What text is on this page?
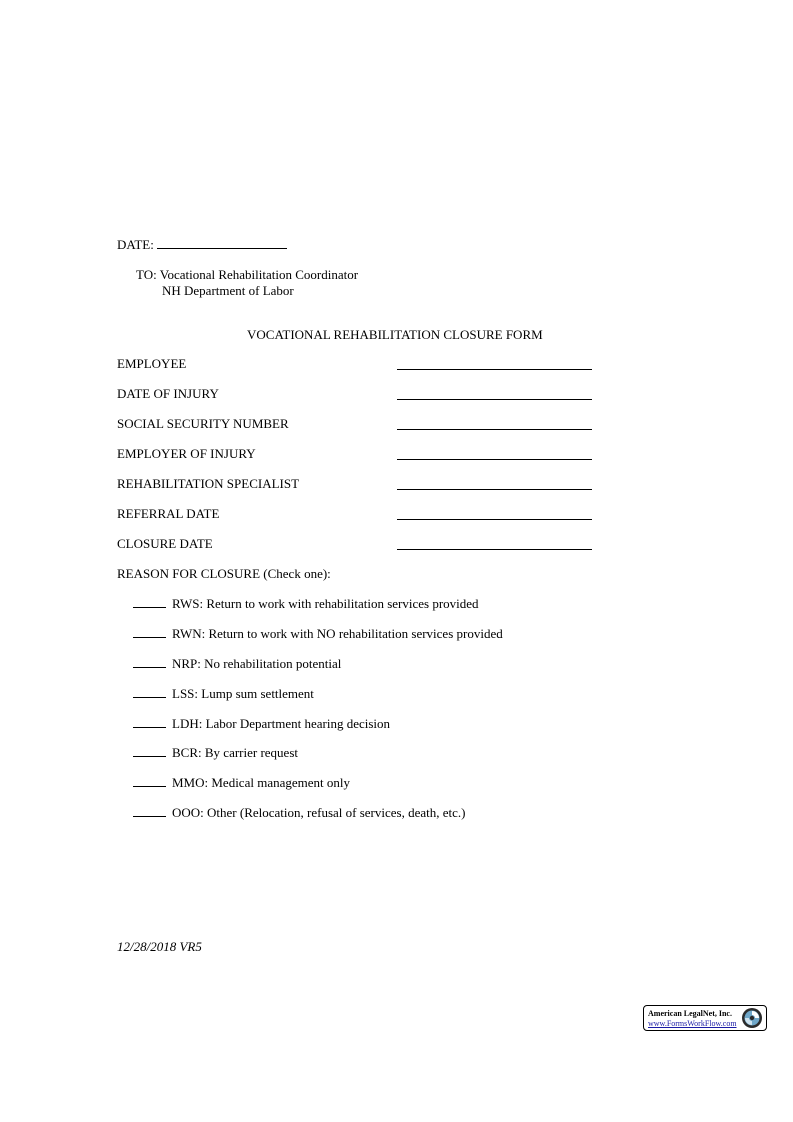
DATE:
TO: Vocational Rehabilitation Coordinator
NH Department of Labor
VOCATIONAL REHABILITATION CLOSURE FORM
EMPLOYEE
DATE OF INJURY
SOCIAL SECURITY NUMBER
EMPLOYER OF INJURY
REHABILITATION SPECIALIST
REFERRAL DATE
CLOSURE DATE
REASON FOR CLOSURE (Check one):
RWS: Return to work with rehabilitation services provided
RWN: Return to work with NO rehabilitation services provided
NRP: No rehabilitation potential
LSS: Lump sum settlement
LDH: Labor Department hearing decision
BCR: By carrier request
MMO: Medical management only
OOO: Other (Relocation, refusal of services, death, etc.)
12/28/2018 VR5
American LegalNet, Inc.
www.FormsWorkFlow.com
